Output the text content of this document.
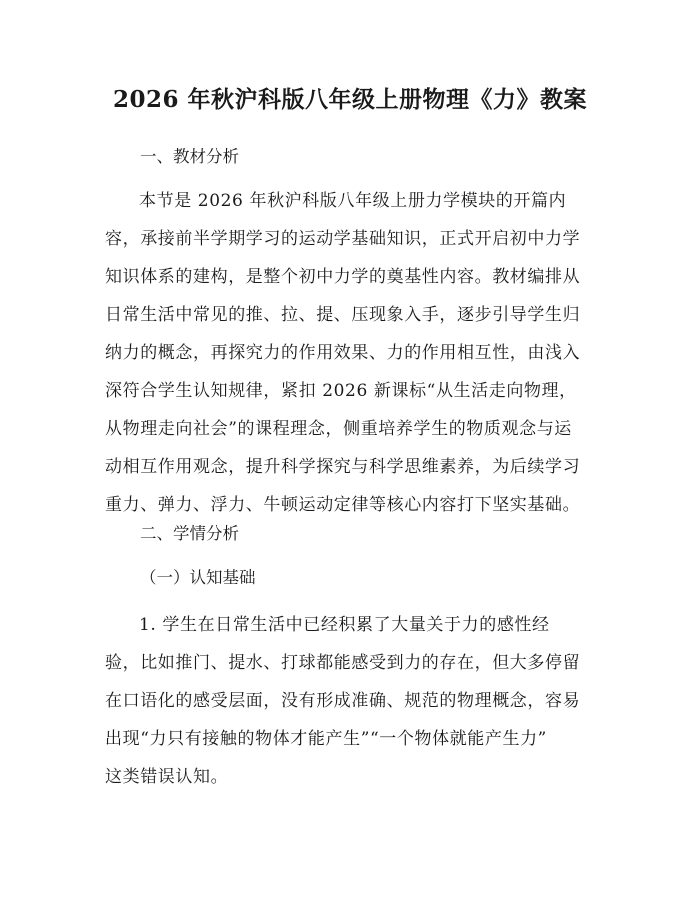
2026 年秋沪科版八年级上册物理《力》教案
一、教材分析
本节是 2026 年秋沪科版八年级上册力学模块的开篇内
容，承接前半学期学习的运动学基础知识，正式开启初中力学
知识体系的建构，是整个初中力学的奠基性内容。教材编排从
日常生活中常见的推、拉、提、压现象入手，逐步引导学生归
纳力的概念，再探究力的作用效果、力的作用相互性，由浅入
深符合学生认知规律，紧扣 2026 新课标“从生活走向物理，
从物理走向社会”的课程理念，侧重培养学生的物质观念与运
动相互作用观念，提升科学探究与科学思维素养，为后续学习
重力、弹力、浮力、牛顿运动定律等核心内容打下坚实基础。
二、学情分析
（一）认知基础
1. 学生在日常生活中已经积累了大量关于力的感性经
验，比如推门、提水、打球都能感受到力的存在，但大多停留
在口语化的感受层面，没有形成准确、规范的物理概念，容易
出现“力只有接触的物体才能产生”“一个物体就能产生力”
这类错误认知。
